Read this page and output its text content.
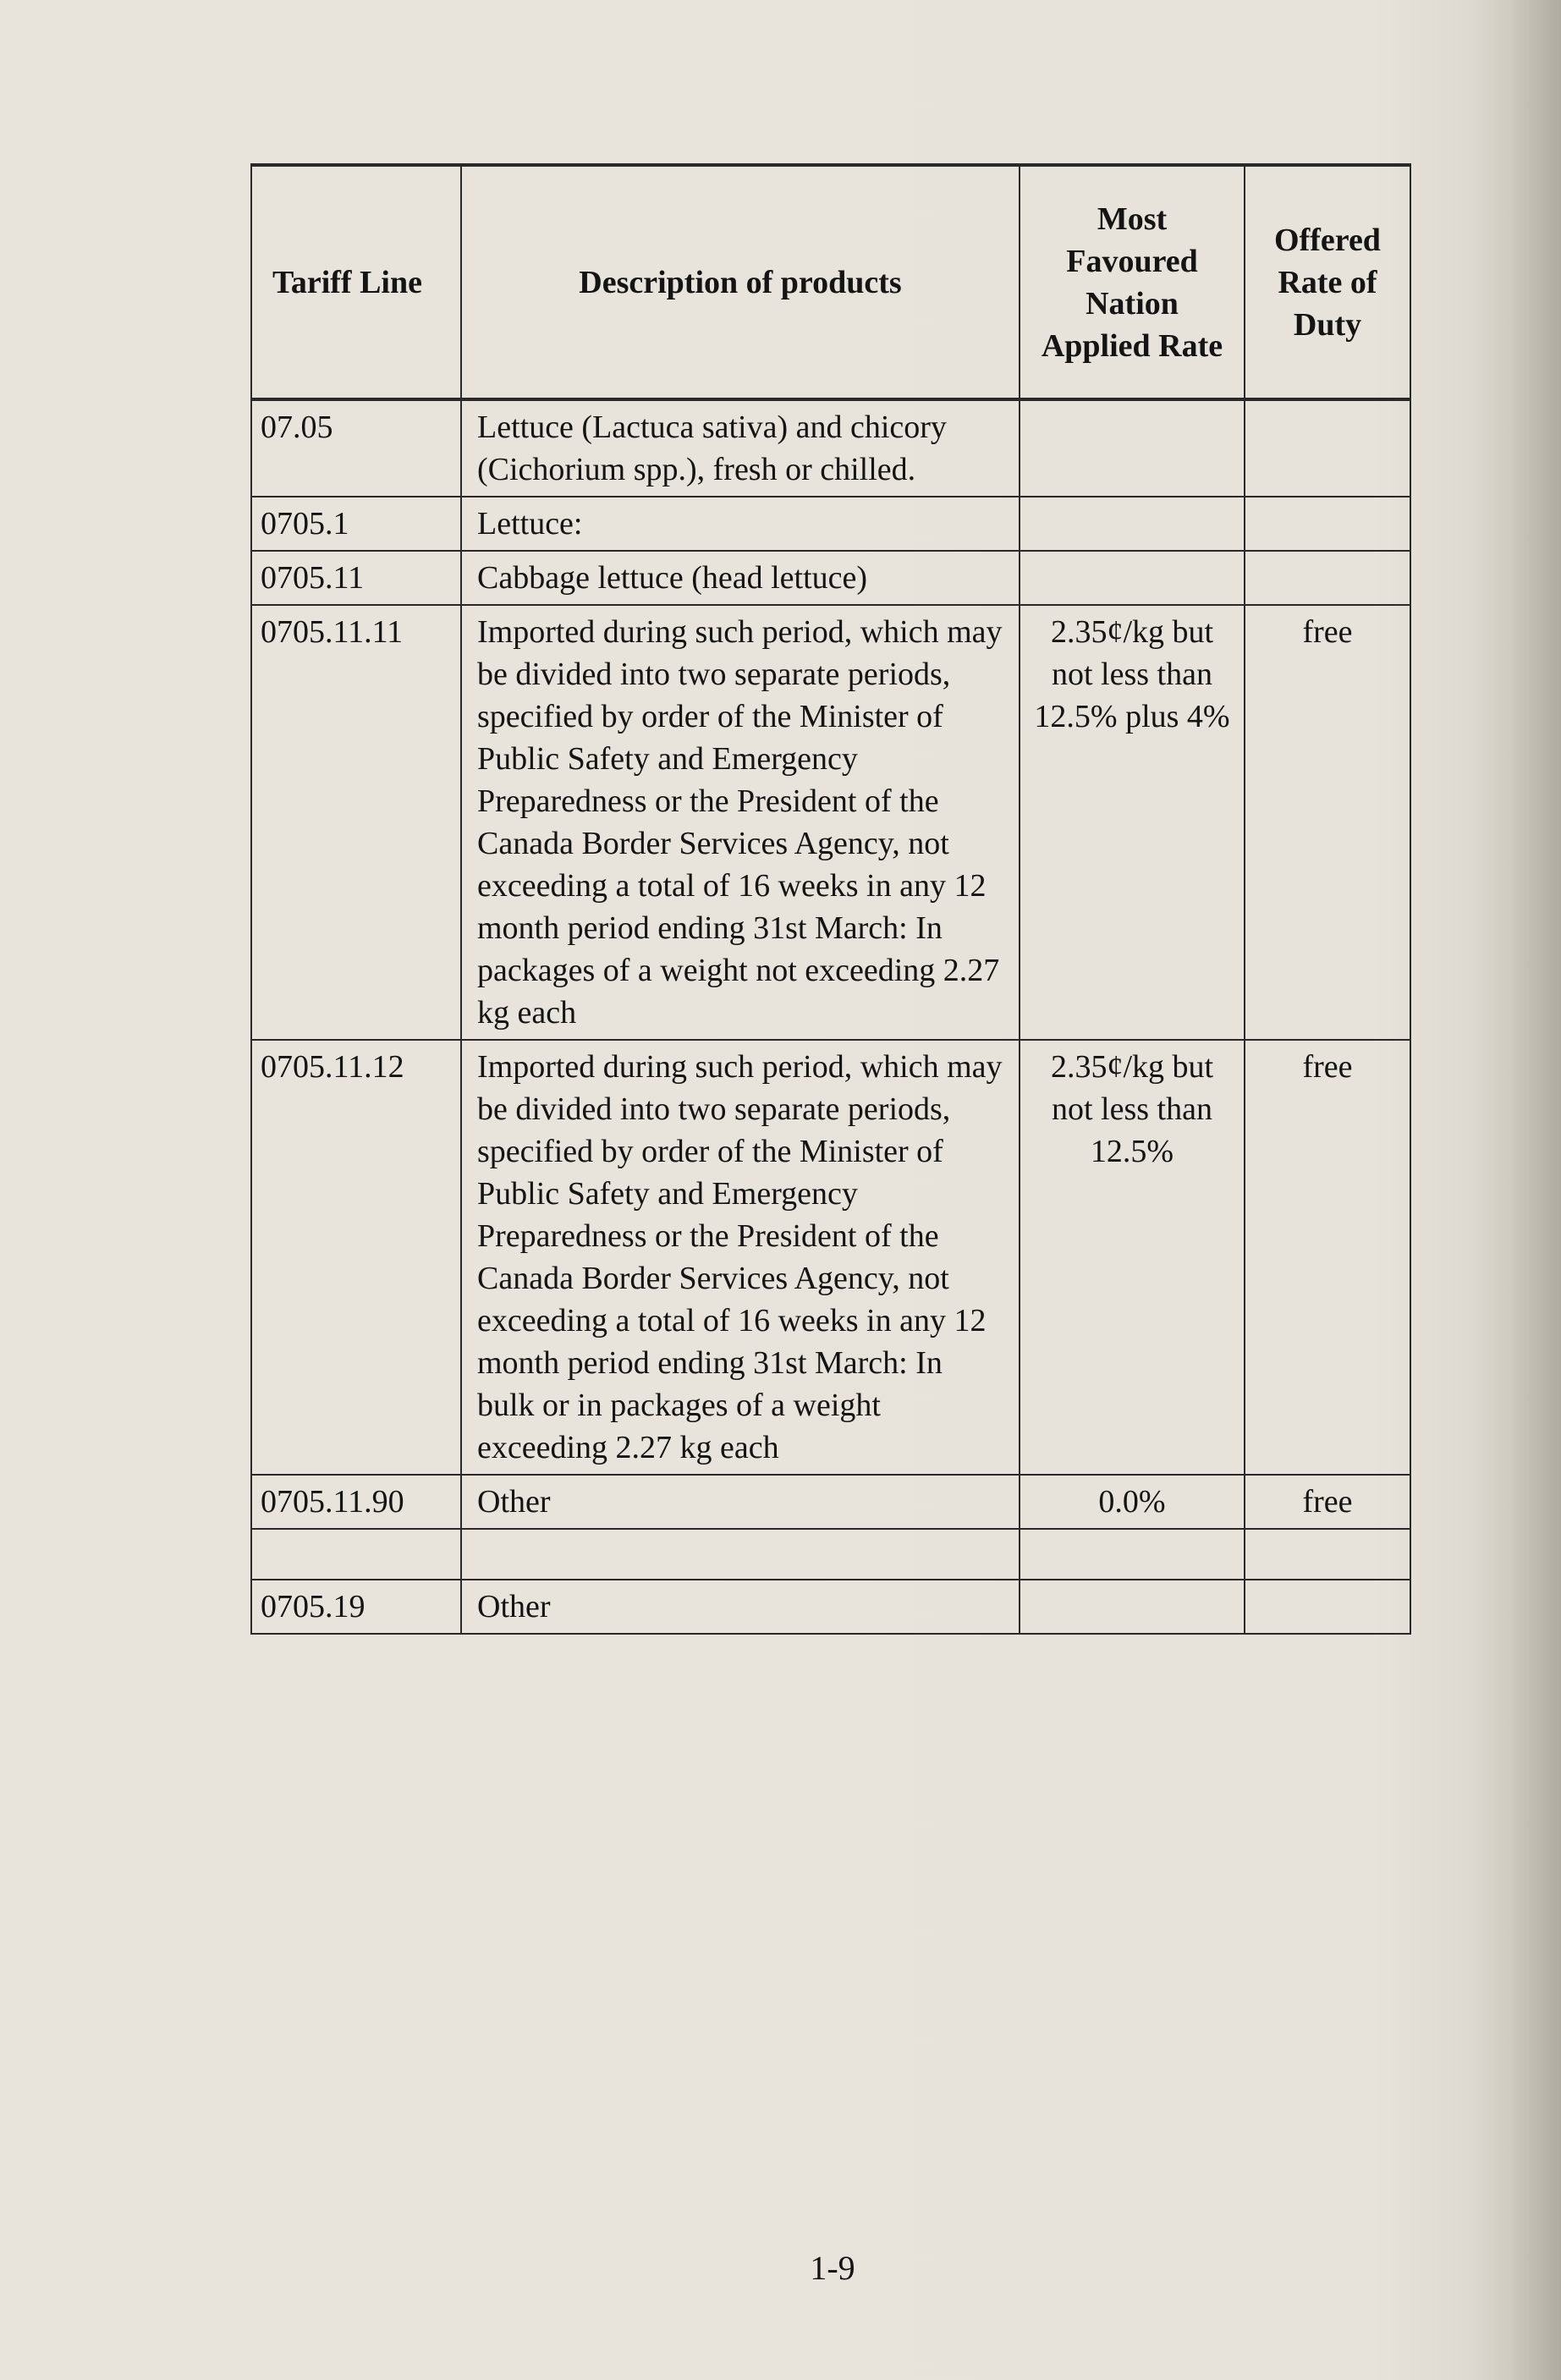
Tariff Line	Description of products	Most Favoured Nation Applied Rate	Offered Rate of Duty
07.05	Lettuce (Lactuca sativa) and chicory (Cichorium spp.), fresh or chilled.		
0705.1	Lettuce:		
0705.11	Cabbage lettuce (head lettuce)		
0705.11.11	Imported during such period, which may be divided into two separate periods, specified by order of the Minister of Public Safety and Emergency Preparedness or the President of the Canada Border Services Agency, not exceeding a total of 16 weeks in any 12 month period ending 31st March: In packages of a weight not exceeding 2.27 kg each	2.35¢/kg but not less than 12.5% plus 4%	free
0705.11.12	Imported during such period, which may be divided into two separate periods, specified by order of the Minister of Public Safety and Emergency Preparedness or the President of the Canada Border Services Agency, not exceeding a total of 16 weeks in any 12 month period ending 31st March: In bulk or in packages of a weight exceeding 2.27 kg each	2.35¢/kg but not less than 12.5%	free
0705.11.90	Other	0.0%	free

0705.19	Other		
1-9
